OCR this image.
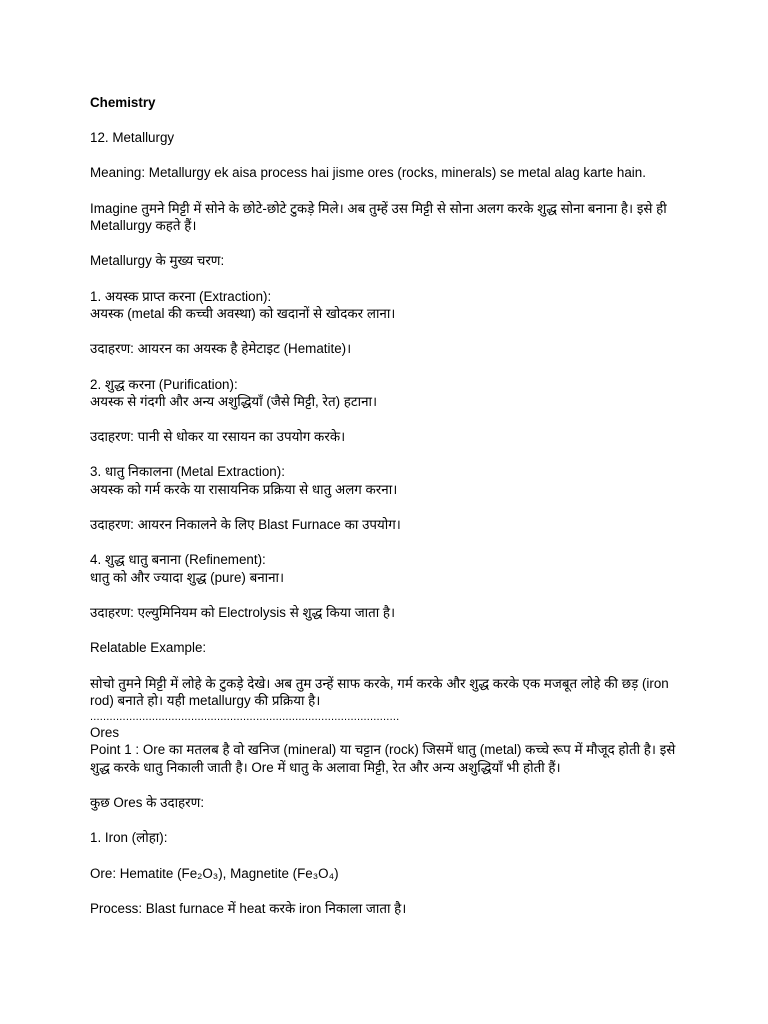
Chemistry

12. Metallurgy

Meaning: Metallurgy ek aisa process hai jisme ores (rocks, minerals) se metal alag karte hain.

Imagine तुमने मिट्टी में सोने के छोटे-छोटे टुकड़े मिले। अब तुम्हें उस मिट्टी से सोना अलग करके शुद्ध सोना बनाना है। इसे ही Metallurgy कहते हैं।

Metallurgy के मुख्य चरण:

1. अयस्क प्राप्त करना (Extraction):

अयस्क (metal की कच्ची अवस्था) को खदानों से खोदकर लाना।

उदाहरण: आयरन का अयस्क है हेमेटाइट (Hematite)।

2. शुद्ध करना (Purification):

अयस्क से गंदगी और अन्य अशुद्धियाँ (जैसे मिट्टी, रेत) हटाना।

उदाहरण: पानी से धोकर या रसायन का उपयोग करके।

3. धातु निकालना (Metal Extraction):

अयस्क को गर्म करके या रासायनिक प्रक्रिया से धातु अलग करना।

उदाहरण: आयरन निकालने के लिए Blast Furnace का उपयोग।

4. शुद्ध धातु बनाना (Refinement):

धातु को और ज्यादा शुद्ध (pure) बनाना।

उदाहरण: एल्युमिनियम को Electrolysis से शुद्ध किया जाता है।

Relatable Example:

सोचो तुमने मिट्टी में लोहे के टुकड़े देखे। अब तुम उन्हें साफ करके, गर्म करके और शुद्ध करके एक मजबूत लोहे की छड़ (iron rod) बनाते हो। यही metallurgy की प्रक्रिया है।

...............................................................................................

Ores

Point 1 : Ore का मतलब है वो खनिज (mineral) या चट्टान (rock) जिसमें धातु (metal) कच्चे रूप में मौजूद होती है। इसे शुद्ध करके धातु निकाली जाती है। Ore में धातु के अलावा मिट्टी, रेत और अन्य अशुद्धियाँ भी होती हैं।

कुछ Ores के उदाहरण:

1. Iron (लोहा):

Ore: Hematite (Fe₂O₃), Magnetite (Fe₃O₄)

Process: Blast furnace में heat करके iron निकाला जाता है।
